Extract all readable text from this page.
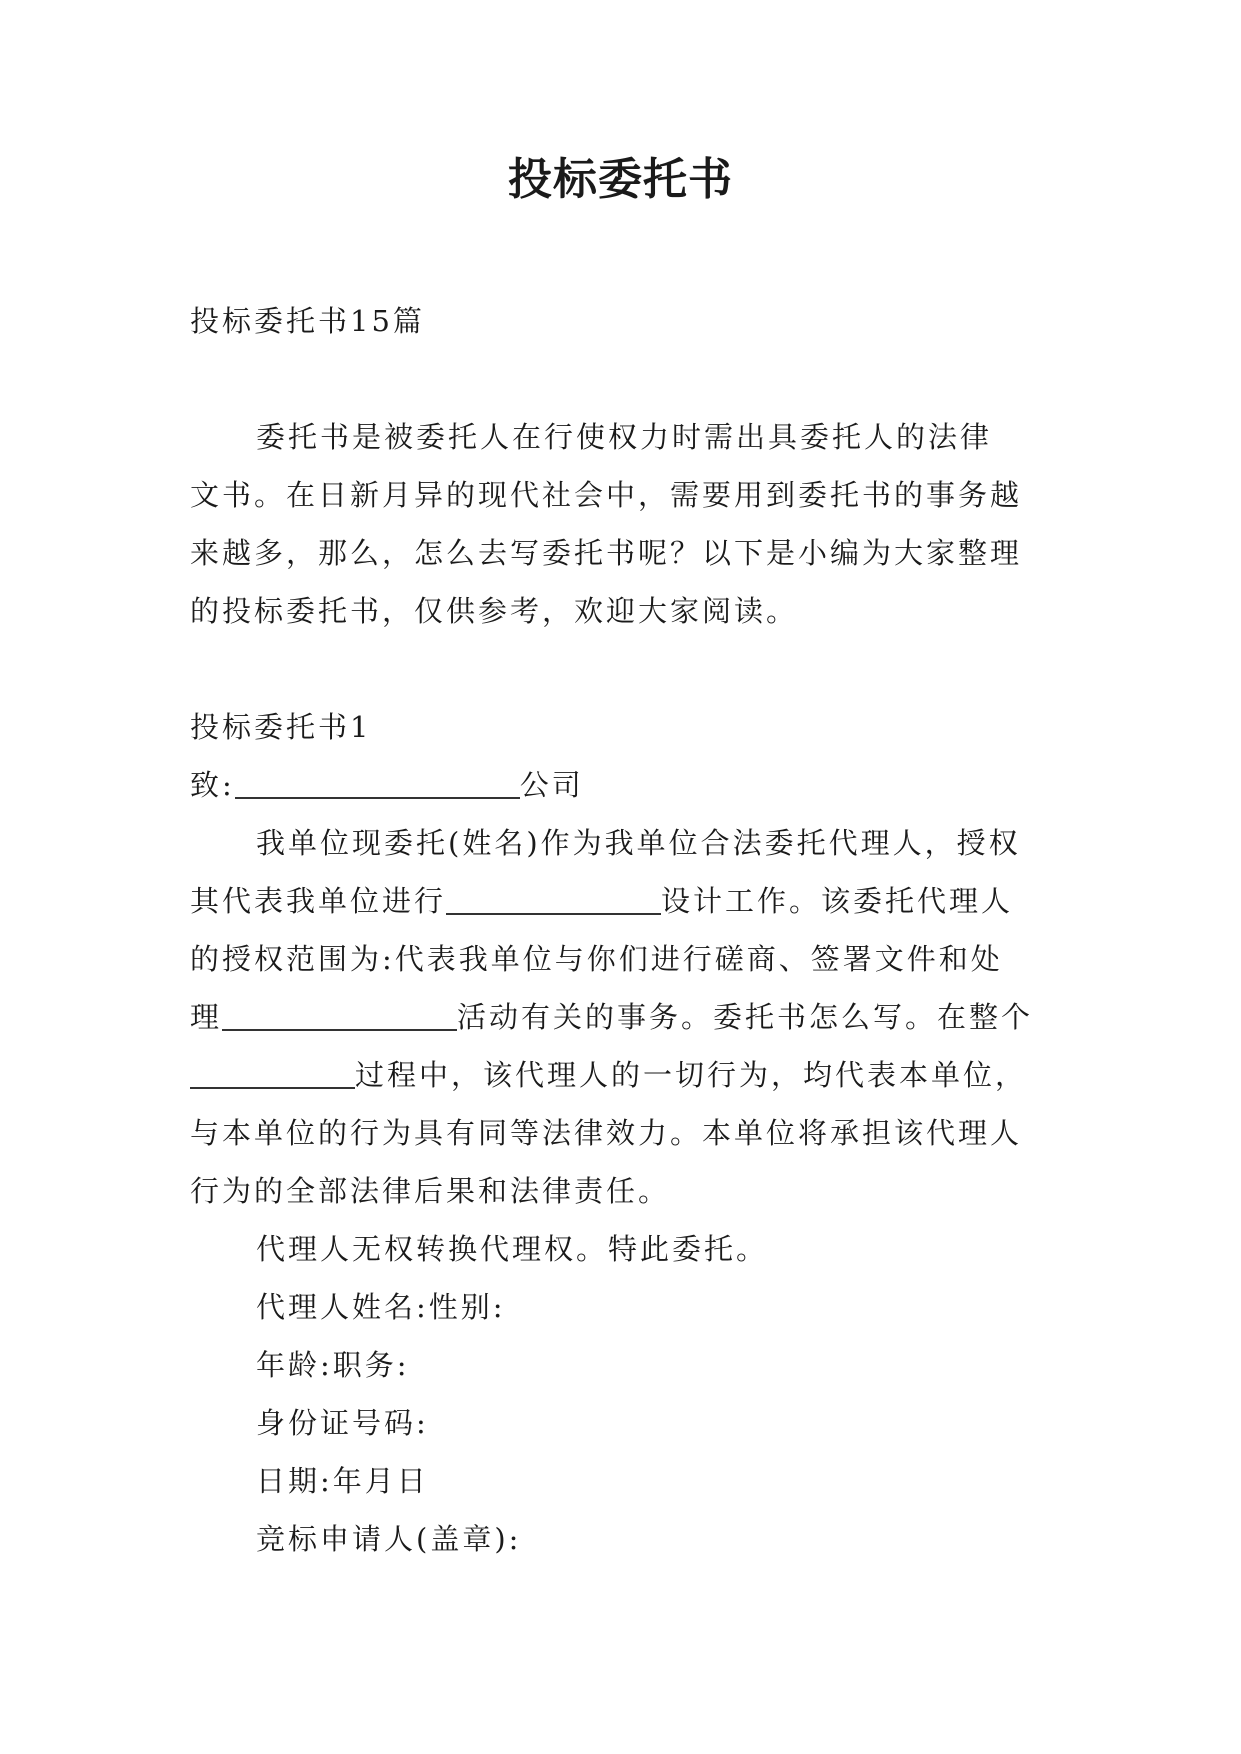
投标委托书

投标委托书15篇

委托书是被委托人在行使权力时需出具委托人的法律

文书。在日新月异的现代社会中，需要用到委托书的事务越

来越多，那么，怎么去写委托书呢？以下是小编为大家整理

的投标委托书，仅供参考，欢迎大家阅读。

投标委托书1

致:	公司

我单位现委托(姓名)作为我单位合法委托代理人，授权

其代表我单位进行	设计工作。该委托代理人

的授权范围为:代表我单位与你们进行磋商、签署文件和处

理	活动有关的事务。委托书怎么写。在整个

过程中，该代理人的一切行为，均代表本单位，

与本单位的行为具有同等法律效力。本单位将承担该代理人

行为的全部法律后果和法律责任。

代理人无权转换代理权。特此委托。

代理人姓名:性别:

年龄:职务:

身份证号码:

日期:年月日

竞标申请人(盖章):
